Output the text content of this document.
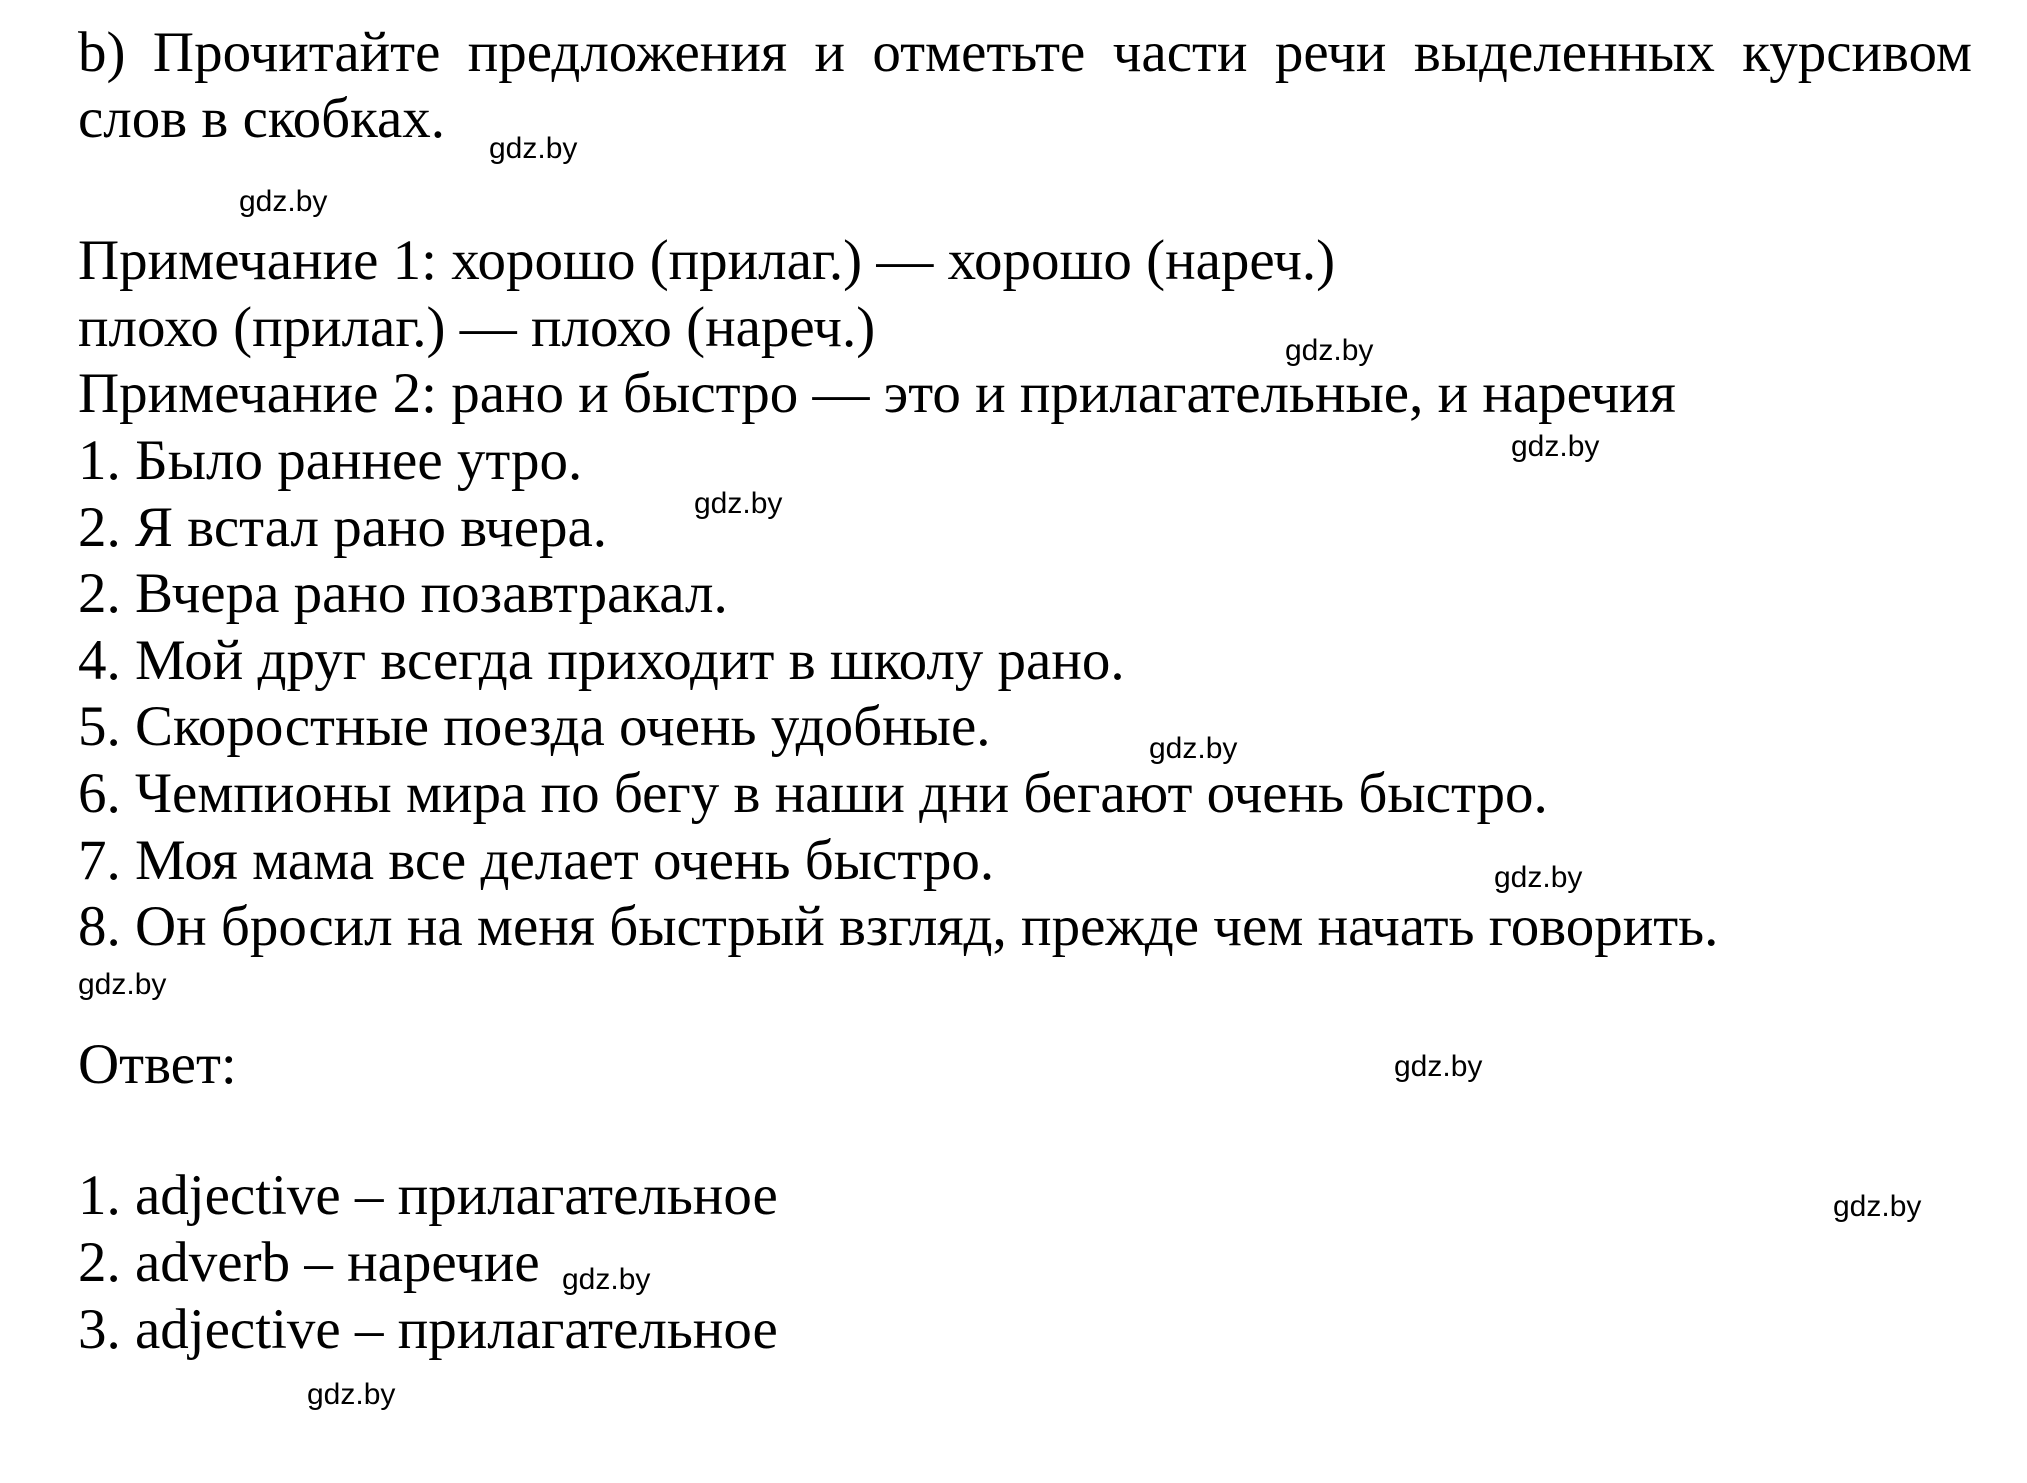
b) Прочитайте предложения и отметьте части речи выделенных курсивом слов в скобках.
Примечание 1: хорошо (прилаг.) — хорошо (нареч.)
плохо (прилаг.) — плохо (нареч.)
Примечание 2: рано и быстро — это и прилагательные, и наречия
1. Было раннее утро.
2. Я встал рано вчера.
2. Вчера рано позавтракал.
4. Мой друг всегда приходит в школу рано.
5. Скоростные поезда очень удобные.
6. Чемпионы мира по бегу в наши дни бегают очень быстро.
7. Моя мама все делает очень быстро.
8. Он бросил на меня быстрый взгляд, прежде чем начать говорить.
Ответ:
1. adjective – прилагательное
2. adverb – наречие
3. adjective – прилагательное
gdz.by
gdz.by
gdz.by
gdz.by
gdz.by
gdz.by
gdz.by
gdz.by
gdz.by
gdz.by
gdz.by
gdz.by
